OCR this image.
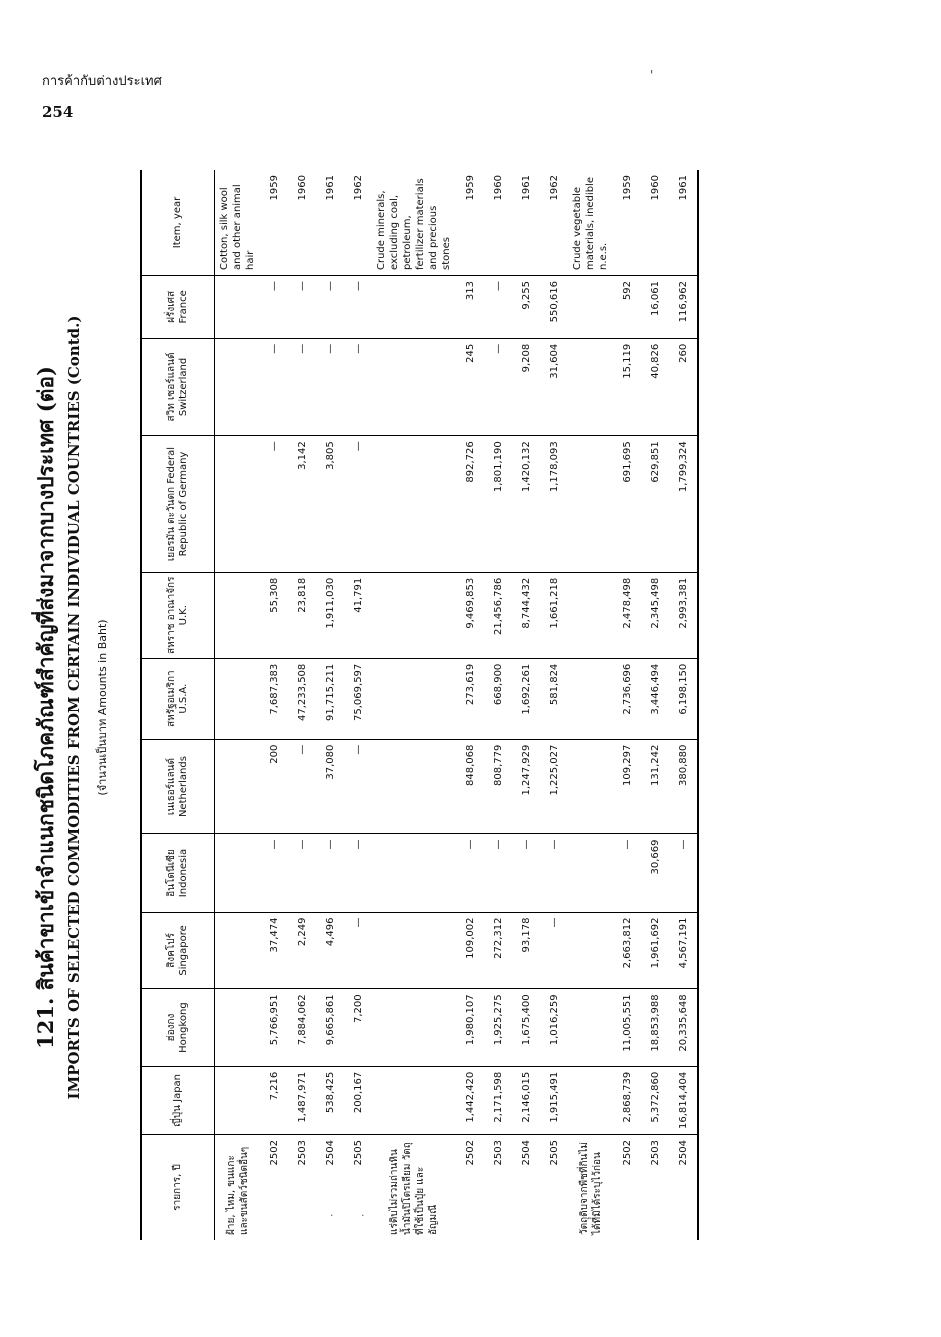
การค้ากับต่างประเทศ
254
'
121. สินค้าขาเข้าจำแนกชนิดโภคภัณฑ์สำคัญที่ส่งมาจากบางประเทศ (ต่อ) IMPORTS OF SELECTED COMMODITIES FROM CERTAIN INDIVIDUAL COUNTRIES (Contd.) (จำนวนเป็นบาท Amounts in Baht)
รายการ, ปี	ญี่ปุ่น Japan	ฮ่องกง Hongkong	สิงคโปร์ Singapore	อินโดนีเซีย Indonesia	เนเธอร์แลนด์ Netherlands	สหรัฐอเมริกา U.S.A.	สหราช อาณาจักร U.K.	เยอรมัน ตะวันตก Federal Republic of Germany	สวิท เซอร์แลนด์ Switzerland	ฝรั่งเศส France	Item, year
ฝ้าย, ไหม, ขนแกะ และขนสัตว์ชนิดอื่นๆ											Cotton, silk wool and other animal hair

2502	7,216	5,766,951	37,474	—	200	7,687,383	55,308	—	—	—	1959

2503	1,487,971	7,884,062	2,249	—	—	47,233,508	23,818	3,142	—	—	1960

2504	538,425	9,665,861	4,496	—	37,080	91,715,211	1,911,030	3,805	—	—	1961

2505	200,167	7,200	—	—	—	75,069,597	41,791	—	—	—	1962

แร่ดิบไม่รวมถ่านหิน น้ำมันปิโตรเลียม วัตถุที่ใช้เป็นปุ๋ย และอัญมณี											Crude minerals, excluding coal, petroleum, fertilizer materials and precious stones

2502	1,442,420	1,980,107	109,002	—	848,068	273,619	9,469,853	892,726	245	313	1959

2503	2,171,598	1,925,275	272,312	—	808,779	668,900	21,456,786	1,801,190	—	—	1960

2504	2,146,015	1,675,400	93,178	—	1,247,929	1,692,261	8,744,432	1,420,132	9,208	9,255	1961

2505	1,915,491	1,016,259	—	—	1,225,027	581,824	1,661,218	1,178,093	31,604	550,616	1962

วัตถุดิบจากพืชที่กินไม่ได้ที่มิได้ระบุไว้ก่อน											Crude vegetable materials, inedible n.e.s.

2502	2,868,739	11,005,551	2,663,812	—	109,297	2,736,696	2,478,498	691,695	15,119	592	1959

2503	5,372,860	18,853,988	1,961,692	30,669	131,242	3,446,494	2,345,498	629,851	40,826	16,061	1960

2504	16,814,404	20,335,648	4,567,191	—	380,880	6,198,150	2,993,381	1,799,324	260	116,962	1961
· · ·
